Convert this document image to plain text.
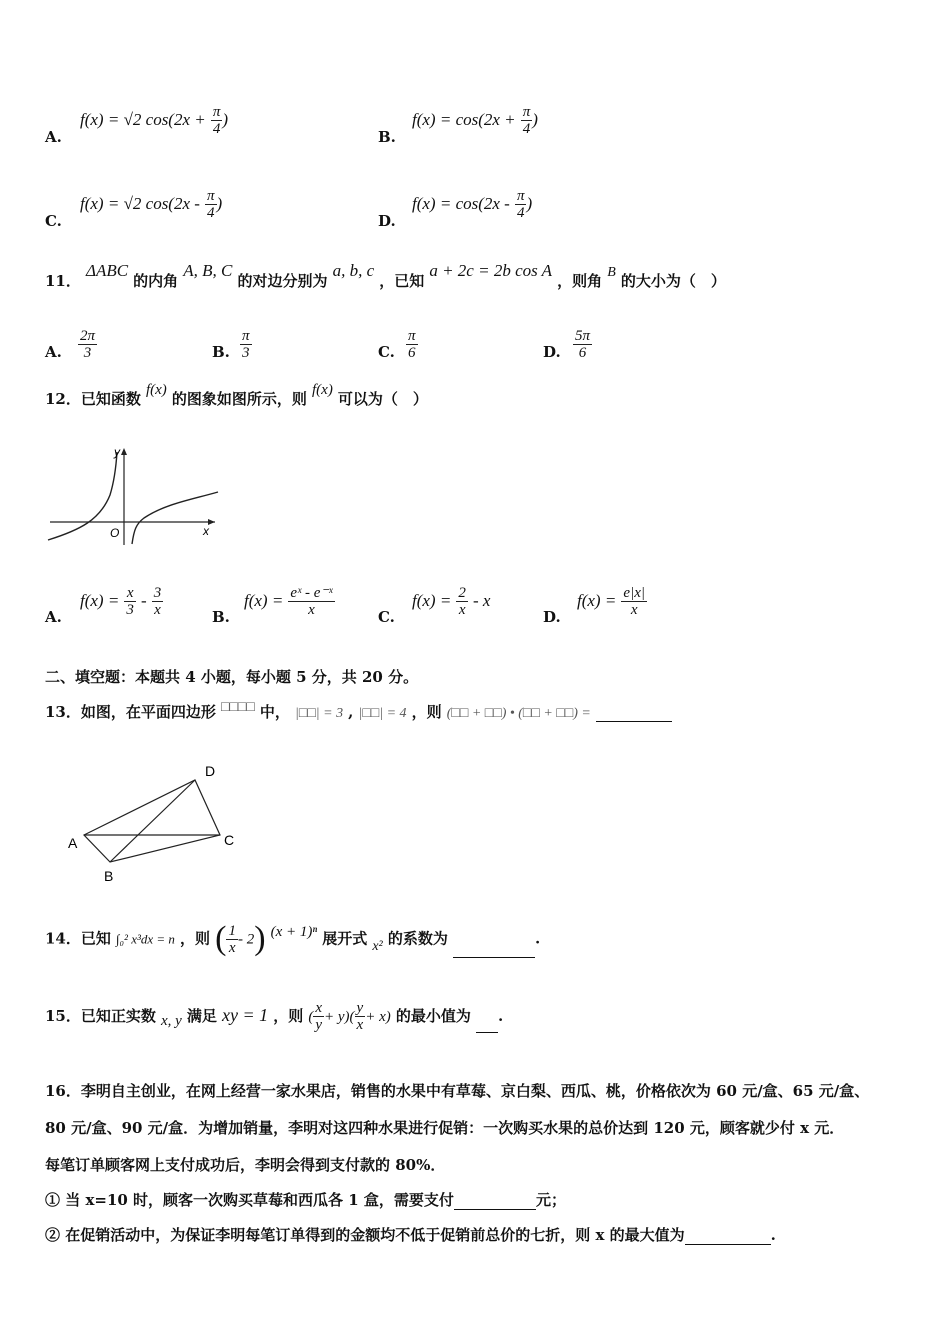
A.
f(x) = √2 $\cos(2x + \frac{\pi}{4}$ )
B.
$f(x) = \cos(2x + \frac{\pi}{4}$ )
C.
f(x) = √2 $\cos(2x - \frac{\pi}{4}$ )
D.
$f(x) = \cos(2x - \frac{\pi}{4}$ )
11． ΔABC 的内角 A, B, C 的对边分别为 a, b, c ，已知 a + 2c = 2b cos A ，则角 B 的大小为（　）
A. $\frac{2\pi}{3}$	B. $\frac{\pi}{3}$	C. $\frac{\pi}{6}$	D. $\frac{5\pi}{6}$
12．已知函数 f(x) 的图象如图所示，则 f(x) 可以为（　）
y
x
O
A.
$f(x) = \frac{x}{3} - \frac{3}{x}$	B.
$f(x) = \frac{\text{eˣ - e⁻ˣ}}{x}$	C.
$f(x) = \frac{2}{x} - x$
D.
$f(x) = \frac{e|x|}{x}$
二、填空题：本题共 4 小题，每小题 5 分，共 20 分。
13．如图，在平面四边形 □□□□ 中， |□□| = 3 , |□□| = 4 ，则 (□□ + □□) • (□□ + □□) =
A
B
C
D
14．已知 ∫₀² x³dx = n ，则 ( $\frac{1}{x} - 2$) (x + 1)ⁿ 展开式 x² 的系数为	.
15．已知正实数 x, y 满足 xy = 1 ，则 ( $\frac{x}{y} + y)( \frac{y}{x} + x)$ 的最小值为 .
16．李明自主创业，在网上经营一家水果店，销售的水果中有草莓、京白梨、西瓜、桃，价格依次为 60 元/盒、65 元/盒、
80 元/盒、90 元/盒．为增加销量，李明对这四种水果进行促销：一次购买水果的总价达到 120 元，顾客就少付 x 元．
每笔订单顾客网上支付成功后，李明会得到支付款的 80%．
① 当 x=10 时，顾客一次购买草莓和西瓜各 1 盒，需要支付	元；
② 在促销活动中，为保证李明每笔订单得到的金额均不低于促销前总价的七折，则 x 的最大值为	.
